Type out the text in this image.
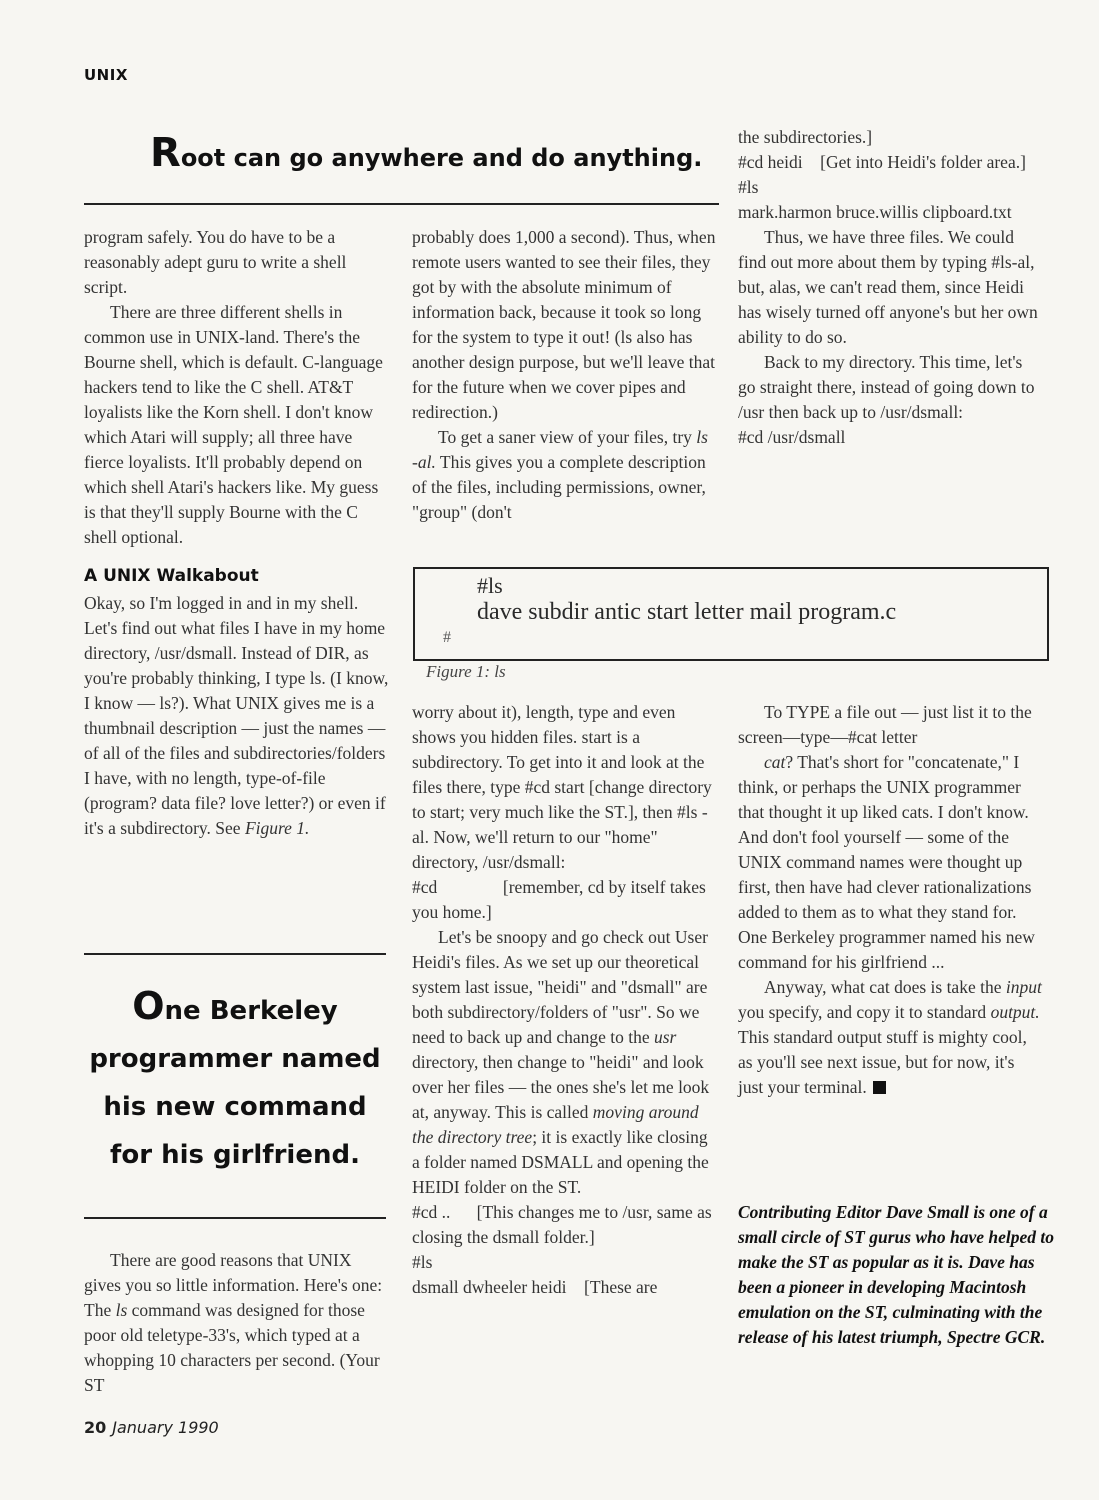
UNIX
Root can go anywhere and do anything.

program safely. You do have to be a reasonably adept guru to write a shell script.

There are three different shells in common use in UNIX-land. There's the Bourne shell, which is default. C-language hackers tend to like the C shell. AT&T loyalists like the Korn shell. I don't know which Atari will supply; all three have fierce loyalists. It'll probably depend on which shell Atari's hackers like. My guess is that they'll supply Bourne with the C shell optional.

A UNIX Walkabout

Okay, so I'm logged in and in my shell. Let's find out what files I have in my home directory, /usr/dsmall. Instead of DIR, as you're probably thinking, I type ls. (I know, I know — ls?). What UNIX gives me is a thumbnail description — just the names — of all of the files and subdirectories/folders I have, with no length, type-of-file (program? data file? love letter?) or even if it's a subdirectory. See Figure 1.

One Berkeley programmer named his new command for his girlfriend.

There are good reasons that UNIX gives you so little information. Here's one: The ls command was designed for those poor old teletype-33's, which typed at a whopping 10 characters per second. (Your ST

probably does 1,000 a second). Thus, when remote users wanted to see their files, they got by with the absolute minimum of information back, because it took so long for the system to type it out! (ls also has another design purpose, but we'll leave that for the future when we cover pipes and redirection.)

To get a saner view of your files, try ls -al. This gives you a complete description of the files, including permissions, owner, "group" (don't

the subdirectories.]

#cd heidi [Get into Heidi's folder area.]

#ls

mark.harmon bruce.willis clipboard.txt

Thus, we have three files. We could find out more about them by typing #ls-al, but, alas, we can't read them, since Heidi has wisely turned off anyone's but her own ability to do so.

Back to my directory. This time, let's go straight there, instead of going down to /usr then back up to /usr/dsmall:

#cd /usr/dsmall

#ls
dave subdir antic start letter mail program.c
#
Figure 1: ls

worry about it), length, type and even shows you hidden files. start is a subdirectory. To get into it and look at the files there, type #cd start [change directory to start; very much like the ST.], then #ls -al. Now, we'll return to our "home" directory, /usr/dsmall:

#cd	[remember, cd by itself takes you home.]

Let's be snoopy and go check out User Heidi's files. As we set up our theoretical system last issue, "heidi" and "dsmall" are both subdirectory/folders of "usr". So we need to back up and change to the usr directory, then change to "heidi" and look over her files — the ones she's let me look at, anyway. This is called moving around the directory tree; it is exactly like closing a folder named DSMALL and opening the HEIDI folder on the ST.

#cd .. [This changes me to /usr, same as closing the dsmall folder.]

#ls

dsmall dwheeler heidi [These are

To TYPE a file out — just list it to the screen—type—#cat letter

cat? That's short for "concatenate," I think, or perhaps the UNIX programmer that thought it up liked cats. I don't know. And don't fool yourself — some of the UNIX command names were thought up first, then have had clever rationalizations added to them as to what they stand for. One Berkeley programmer named his new command for his girlfriend ...

Anyway, what cat does is take the input you specify, and copy it to standard output. This standard output stuff is mighty cool, as you'll see next issue, but for now, it's just your terminal.

Contributing Editor Dave Small is one of a small circle of ST gurus who have helped to make the ST as popular as it is. Dave has been a pioneer in developing Macintosh emulation on the ST, culminating with the release of his latest triumph, Spectre GCR.
20 January 1990
